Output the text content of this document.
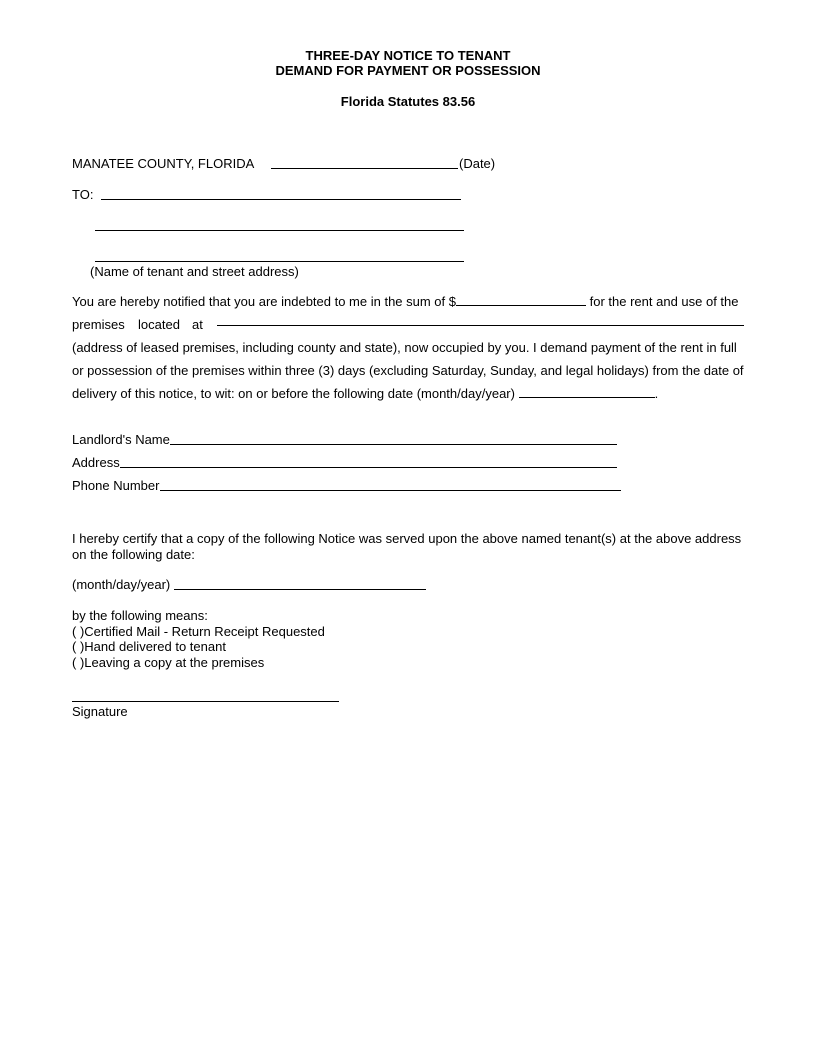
THREE-DAY NOTICE TO TENANT
DEMAND FOR PAYMENT OR POSSESSION
Florida Statutes 83.56
MANATEE COUNTY, FLORIDA	(Date)
TO:
(Name of tenant and street address)
You are hereby notified that you are indebted to me in the sum of $	for the rent and use of the
premises located at
(address of leased premises, including county and state), now occupied by you. I demand payment of the rent in full
or possession of the premises within three (3) days (excluding Saturday, Sunday, and legal holidays) from the date of
delivery of this notice, to wit: on or before the following date (month/day/year)	.
Landlord's Name
Address
Phone Number
I hereby certify that a copy of the following Notice was served upon the above named tenant(s) at the above address
on the following date:
(month/day/year)
by the following means:
( )Certified Mail - Return Receipt Requested
( )Hand delivered to tenant
( )Leaving a copy at the premises
Signature
